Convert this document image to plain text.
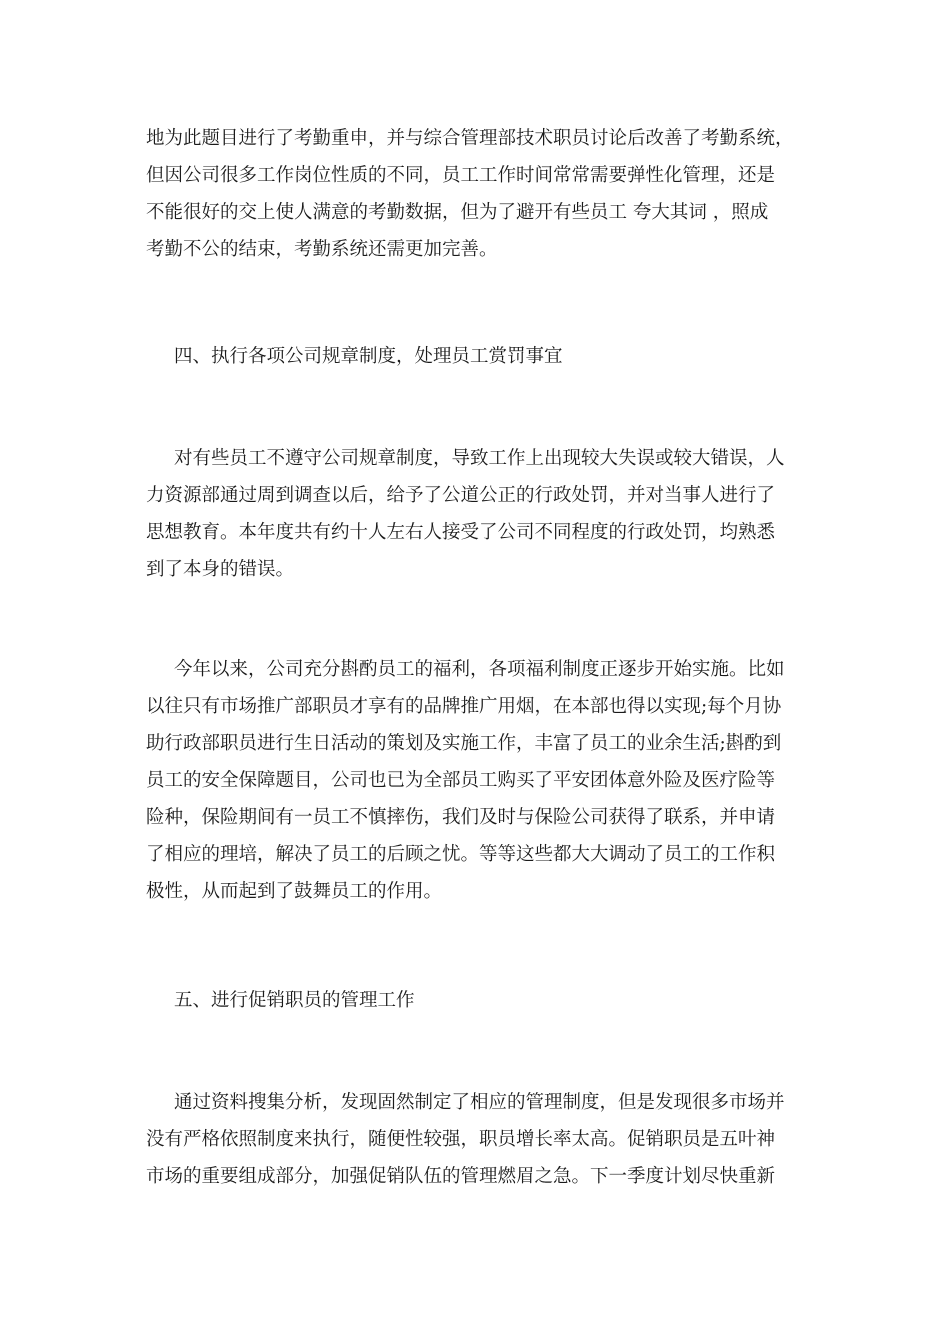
地为此题目进行了考勤重申，并与综合管理部技术职员讨论后改善了考勤系统，
但因公司很多工作岗位性质的不同，员工工作时间常常需要弹性化管理，还是
不能很好的交上使人满意的考勤数据，但为了避开有些员工 夸大其词 ，照成
考勤不公的结束，考勤系统还需更加完善。

四、执行各项公司规章制度，处理员工赏罚事宜

对有些员工不遵守公司规章制度，导致工作上出现较大失误或较大错误，人
力资源部通过周到调查以后，给予了公道公正的行政处罚，并对当事人进行了
思想教育。本年度共有约十人左右人接受了公司不同程度的行政处罚，均熟悉
到了本身的错误。

今年以来，公司充分斟酌员工的福利，各项福利制度正逐步开始实施。比如
以往只有市场推广部职员才享有的品牌推广用烟，在本部也得以实现;每个月协
助行政部职员进行生日活动的策划及实施工作，丰富了员工的业余生活;斟酌到
员工的安全保障题目，公司也已为全部员工购买了平安团体意外险及医疗险等
险种，保险期间有一员工不慎摔伤，我们及时与保险公司获得了联系，并申请
了相应的理培，解决了员工的后顾之忧。等等这些都大大调动了员工的工作积
极性，从而起到了鼓舞员工的作用。

五、进行促销职员的管理工作

通过资料搜集分析，发现固然制定了相应的管理制度，但是发现很多市场并
没有严格依照制度来执行，随便性较强，职员增长率太高。促销职员是五叶神
市场的重要组成部分，加强促销队伍的管理燃眉之急。下一季度计划尽快重新
